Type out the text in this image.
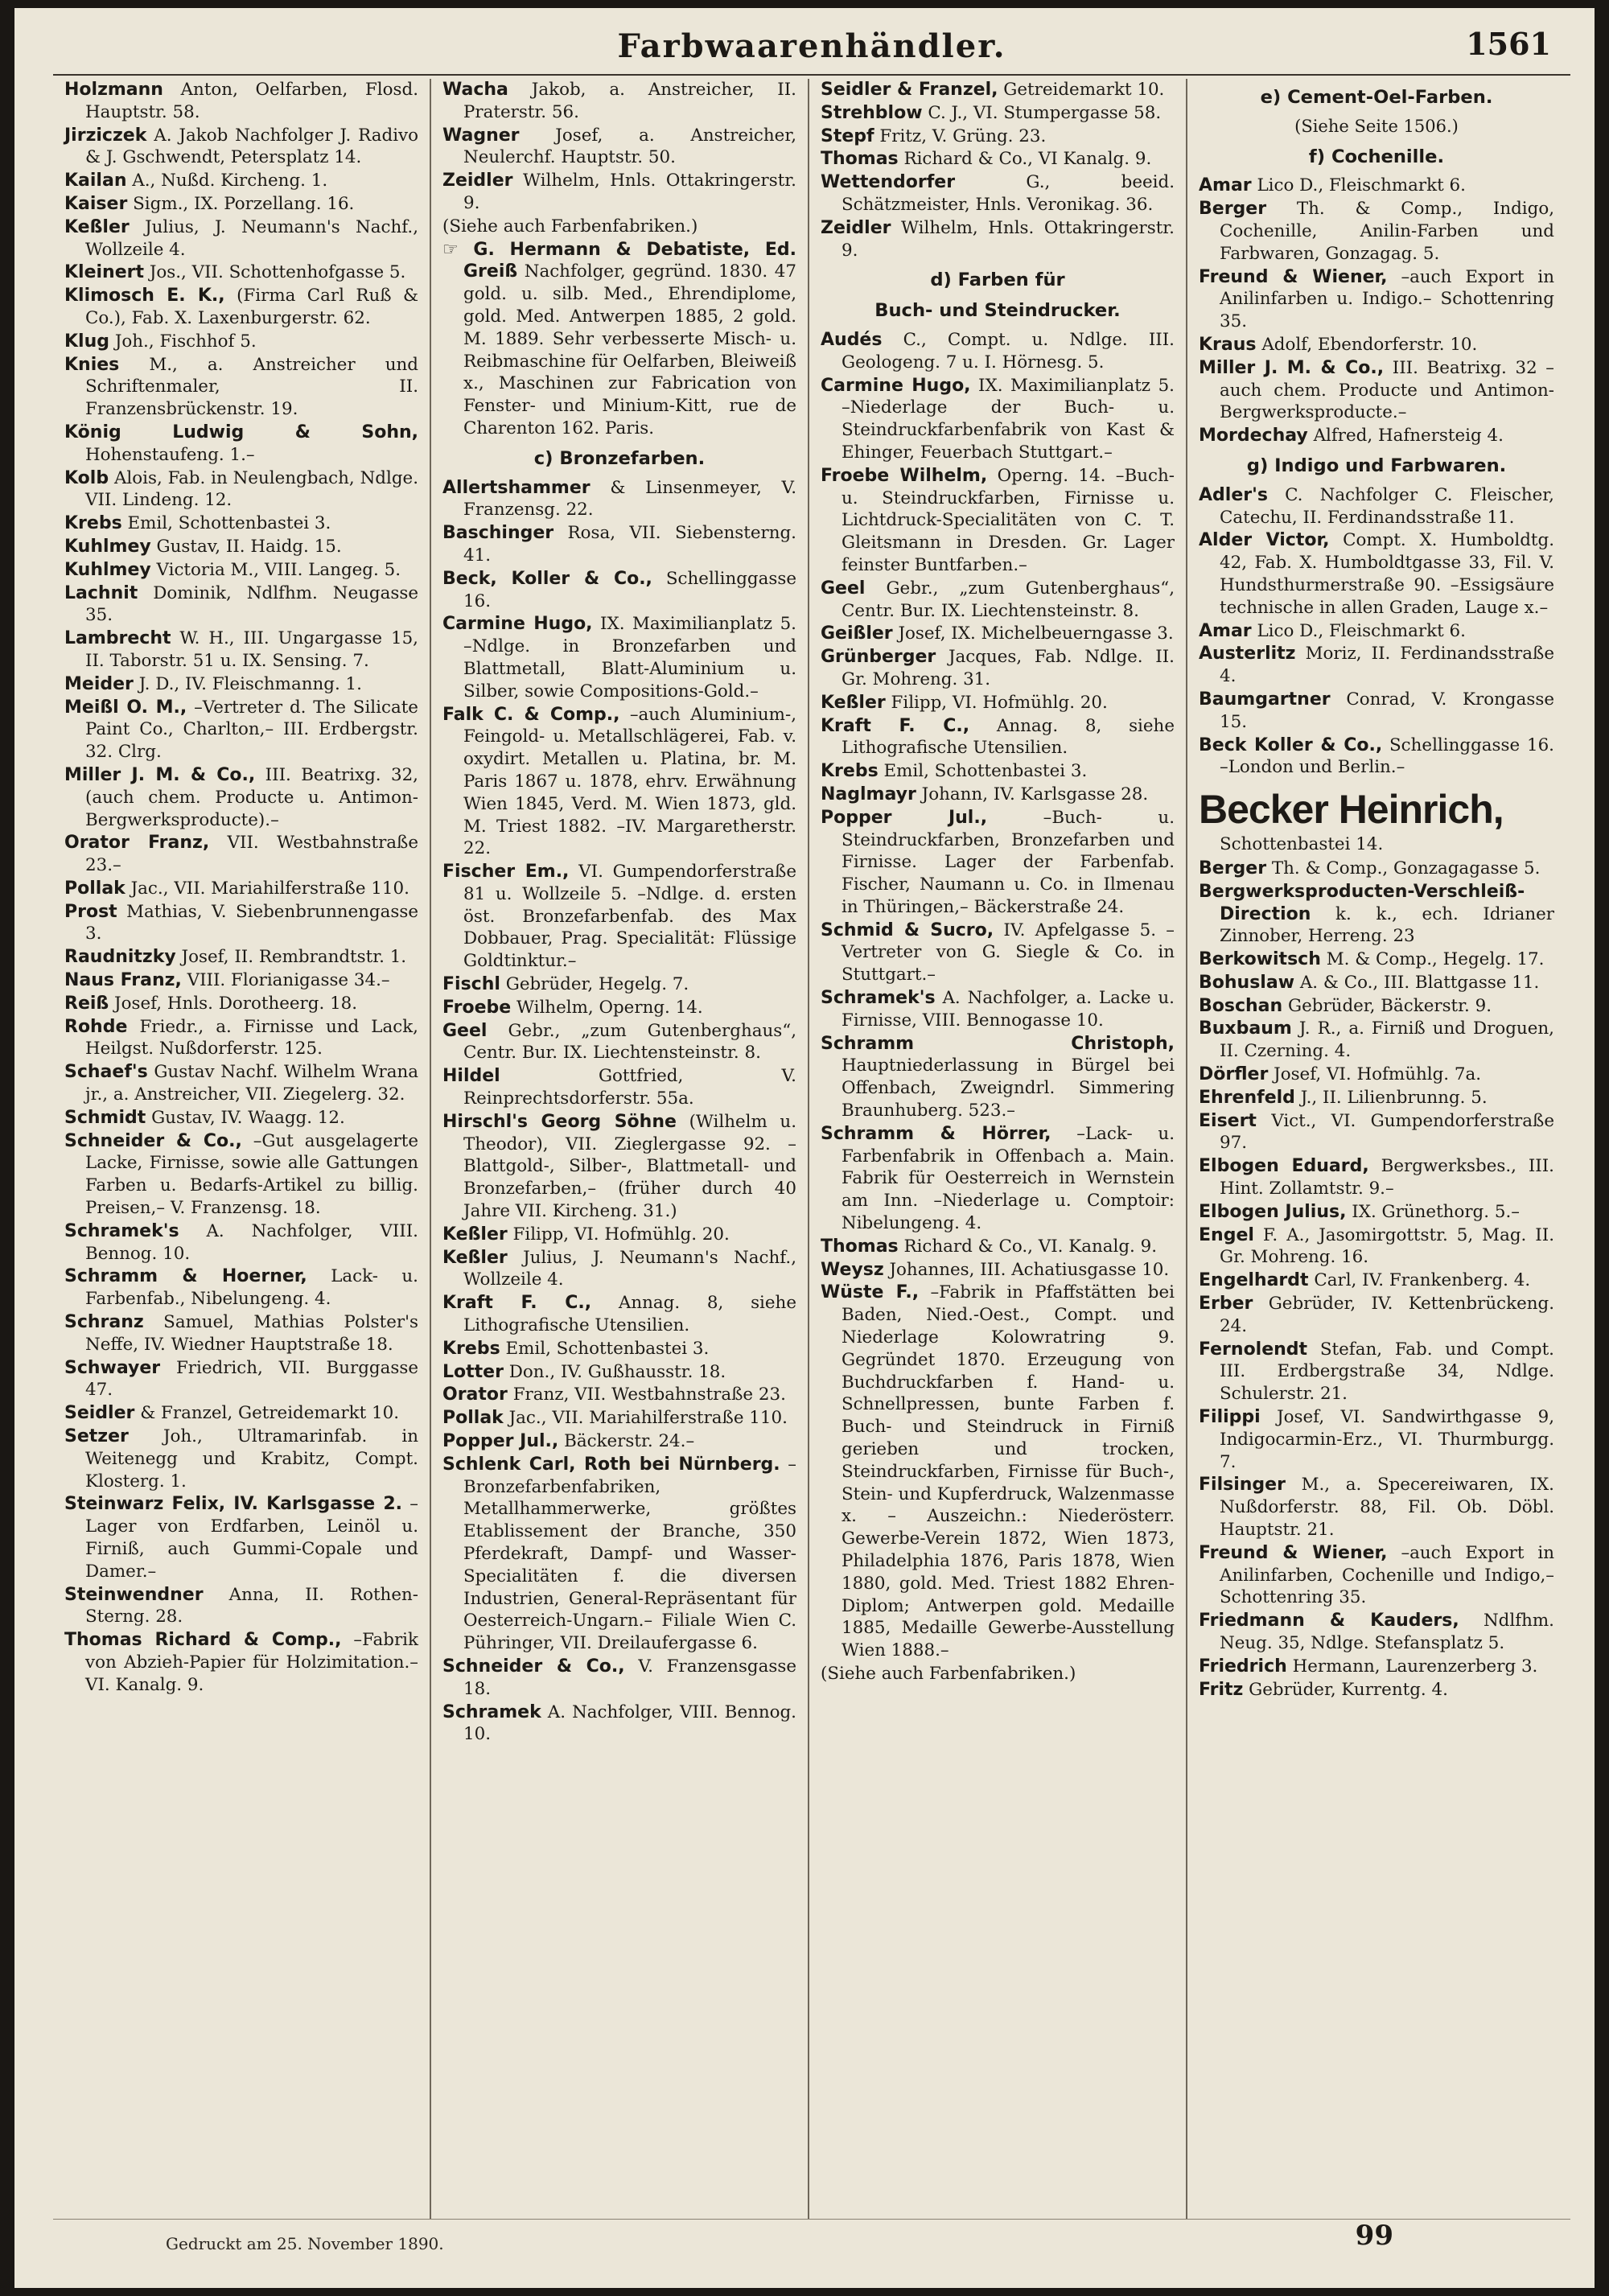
Farbwaarenhändler.	1561

Holzmann Anton, Oelfarben, Flosd. Hauptstr. 58.

Jirziczek A. Jakob Nachfolger J. Radivo & J. Gschwendt, Petersplatz 14.

Kailan A., Nußd. Kircheng. 1.

Kaiser Sigm., IX. Porzellang. 16.

Keßler Julius, J. Neumann's Nachf., Wollzeile 4.

Kleinert Jos., VII. Schottenhofgasse 5.

Klimosch E. K., (Firma Carl Ruß & Co.), Fab. X. Laxenburgerstr. 62.

Klug Joh., Fischhof 5.

Knies M., a. Anstreicher und Schriftenmaler, II. Franzensbrückenstr. 19.

König Ludwig & Sohn, Hohenstaufeng. 1.–

Kolb Alois, Fab. in Neulengbach, Ndlge. VII. Lindeng. 12.

Krebs Emil, Schottenbastei 3.

Kuhlmey Gustav, II. Haidg. 15.

Kuhlmey Victoria M., VIII. Langeg. 5.

Lachnit Dominik, Ndlfhm. Neugasse 35.

Lambrecht W. H., III. Ungargasse 15, II. Taborstr. 51 u. IX. Sensing. 7.

Meider J. D., IV. Fleischmanng. 1.

Meißl O. M., –Vertreter d. The Silicate Paint Co., Charlton,– III. Erdbergstr. 32. Clrg.

Miller J. M. & Co., III. Beatrixg. 32, (auch chem. Producte u. Antimon-Bergwerksproducte).–

Orator Franz, VII. Westbahnstraße 23.–

Pollak Jac., VII. Mariahilferstraße 110.

Prost Mathias, V. Siebenbrunnengasse 3.

Raudnitzky Josef, II. Rembrandtstr. 1.

Naus Franz, VIII. Florianigasse 34.–

Reiß Josef, Hnls. Dorotheerg. 18.

Rohde Friedr., a. Firnisse und Lack, Heilgst. Nußdorferstr. 125.

Schaef's Gustav Nachf. Wilhelm Wrana jr., a. Anstreicher, VII. Ziegelerg. 32.

Schmidt Gustav, IV. Waagg. 12.

Schneider & Co., –Gut ausgelagerte Lacke, Firnisse, sowie alle Gattungen Farben u. Bedarfs-Artikel zu billig. Preisen,– V. Franzensg. 18.

Schramek's A. Nachfolger, VIII. Bennog. 10.

Schramm & Hoerner, Lack- u. Farbenfab., Nibelungeng. 4.

Schranz Samuel, Mathias Polster's Neffe, IV. Wiedner Hauptstraße 18.

Schwayer Friedrich, VII. Burggasse 47.

Seidler & Franzel, Getreidemarkt 10.

Setzer Joh., Ultramarinfab. in Weitenegg und Krabitz, Compt. Klosterg. 1.

Steinwarz Felix, IV. Karlsgasse 2. –Lager von Erdfarben, Leinöl u. Firniß, auch Gummi-Copale und Damer.–

Steinwendner Anna, II. Rothen-Sterng. 28.

Thomas Richard & Comp., –Fabrik von Abzieh-Papier für Holzimitation.– VI. Kanalg. 9.

Wacha Jakob, a. Anstreicher, II. Praterstr. 56.

Wagner Josef, a. Anstreicher, Neulerchf. Hauptstr. 50.

Zeidler Wilhelm, Hnls. Ottakringerstr. 9.

(Siehe auch Farbenfabriken.)

☞ G. Hermann & Debatiste, Ed. Greiß Nachfolger, gegründ. 1830. 47 gold. u. silb. Med., Ehrendiplome, gold. Med. Antwerpen 1885, 2 gold. M. 1889. Sehr verbesserte Misch- u. Reibmaschine für Oelfarben, Bleiweiß x., Maschinen zur Fabrication von Fenster- und Minium-Kitt, rue de Charenton 162. Paris.

c) Bronzefarben.

Allertshammer & Linsenmeyer, V. Franzensg. 22.

Baschinger Rosa, VII. Siebensterng. 41.

Beck, Koller & Co., Schellinggasse 16.

Carmine Hugo, IX. Maximilianplatz 5. –Ndlge. in Bronzefarben und Blattmetall, Blatt-Aluminium u. Silber, sowie Compositions-Gold.–

Falk C. & Comp., –auch Aluminium-, Feingold- u. Metallschlägerei, Fab. v. oxydirt. Metallen u. Platina, br. M. Paris 1867 u. 1878, ehrv. Erwähnung Wien 1845, Verd. M. Wien 1873, gld. M. Triest 1882. –IV. Margaretherstr. 22.

Fischer Em., VI. Gumpendorferstraße 81 u. Wollzeile 5. –Ndlge. d. ersten öst. Bronzefarbenfab. des Max Dobbauer, Prag. Specialität: Flüssige Goldtinktur.–

Fischl Gebrüder, Hegelg. 7.

Froebe Wilhelm, Operng. 14.

Geel Gebr., „zum Gutenberghaus“, Centr. Bur. IX. Liechtensteinstr. 8.

Hildel	Gottfried, V. Reinprechtsdorferstr. 55a.

Hirschl's Georg Söhne (Wilhelm u. Theodor), VII. Zieglergasse 92. –Blattgold-, Silber-, Blattmetall- und Bronzefarben,– (früher durch 40 Jahre VII. Kircheng. 31.)

Keßler Filipp, VI. Hofmühlg. 20.

Keßler Julius, J. Neumann's Nachf., Wollzeile 4.

Kraft F. C., Annag. 8, siehe Lithografische Utensilien.

Krebs Emil, Schottenbastei 3.

Lotter Don., IV. Gußhausstr. 18.

Orator Franz, VII. Westbahnstraße 23.

Pollak Jac., VII. Mariahilferstraße 110.

Popper Jul., Bäckerstr. 24.–

Schlenk Carl, Roth bei Nürnberg. –Bronzefarbenfabriken, Metallhammerwerke, größtes Etablissement der Branche, 350 Pferdekraft, Dampf- und Wasser-Specialitäten f. die diversen Industrien, General-Repräsentant für Oesterreich-Ungarn.– Filiale Wien C. Pühringer, VII. Dreilaufergasse 6.

Schneider & Co., V. Franzensgasse 18.

Schramek A. Nachfolger, VIII. Bennog. 10.

Seidler & Franzel, Getreidemarkt 10.

Strehblow C. J., VI. Stumpergasse 58.

Stepf Fritz, V. Grüng. 23.

Thomas Richard & Co., VI Kanalg. 9.

Wettendorfer	G., beeid. Schätzmeister, Hnls. Veronikag. 36.

Zeidler Wilhelm, Hnls. Ottakringerstr. 9.

d) Farben für
Buch- und Steindrucker.

Audés C., Compt. u. Ndlge. III. Geologeng. 7 u. I. Hörnesg. 5.

Carmine Hugo, IX. Maximilianplatz 5. –Niederlage der Buch- u. Steindruckfarbenfabrik von Kast & Ehinger, Feuerbach Stuttgart.–

Froebe Wilhelm, Operng. 14. –Buch- u. Steindruckfarben, Firnisse u. Lichtdruck-Specialitäten von C. T. Gleitsmann in Dresden. Gr. Lager feinster Buntfarben.–

Geel Gebr., „zum Gutenberghaus“, Centr. Bur. IX. Liechtensteinstr. 8.

Geißler Josef, IX. Michelbeuerngasse 3.

Grünberger Jacques, Fab. Ndlge. II. Gr. Mohreng. 31.

Keßler Filipp, VI. Hofmühlg. 20.

Kraft F. C., Annag. 8, siehe Lithografische Utensilien.

Krebs Emil, Schottenbastei 3.

Naglmayr Johann, IV. Karlsgasse 28.

Popper Jul.,	–Buch- u. Steindruckfarben, Bronzefarben und Firnisse. Lager der Farbenfab. Fischer, Naumann u. Co. in Ilmenau in Thüringen,– Bäckerstraße 24.

Schmid & Sucro, IV. Apfelgasse 5. –Vertreter von G. Siegle & Co. in Stuttgart.–

Schramek's A. Nachfolger, a. Lacke u. Firnisse, VIII. Bennogasse 10.

Schramm Christoph, Hauptniederlassung in Bürgel bei Offenbach, Zweigndrl. Simmering Braunhuberg. 523.–

Schramm & Hörrer, –Lack- u. Farbenfabrik in Offenbach a. Main. Fabrik für Oesterreich in Wernstein am Inn. –Niederlage u. Comptoir: Nibelungeng. 4.

Thomas Richard & Co., VI. Kanalg. 9.

Weysz Johannes, III. Achatiusgasse 10.

Wüste F., –Fabrik in Pfaffstätten bei Baden, Nied.-Oest., Compt. und Niederlage Kolowratring 9. Gegründet 1870. Erzeugung von Buchdruckfarben f. Hand- u. Schnellpressen, bunte Farben f. Buch- und Steindruck in Firniß gerieben und trocken, Steindruckfarben, Firnisse für Buch-, Stein- und Kupferdruck, Walzenmasse x. – Auszeichn.: Niederösterr. Gewerbe-Verein 1872, Wien 1873, Philadelphia 1876, Paris 1878, Wien 1880, gold. Med. Triest 1882 Ehren-Diplom; Antwerpen gold. Medaille 1885, Medaille Gewerbe-Ausstellung Wien 1888.–

(Siehe auch Farbenfabriken.)

e) Cement-Oel-Farben.
(Siehe Seite 1506.)
f) Cochenille.

Amar Lico D., Fleischmarkt 6.

Berger Th. & Comp., Indigo, Cochenille, Anilin-Farben und Farbwaren, Gonzagag. 5.

Freund & Wiener, –auch Export in Anilinfarben u. Indigo.– Schottenring 35.

Kraus Adolf, Ebendorferstr. 10.

Miller J. M. & Co., III. Beatrixg. 32 –auch chem. Producte und Antimon-Bergwerksproducte.–

Mordechay Alfred, Hafnersteig 4.

g) Indigo und Farbwaren.

Adler's C. Nachfolger C. Fleischer, Catechu, II. Ferdinandsstraße 11.

Alder Victor, Compt. X. Humboldtg. 42, Fab. X. Humboldtgasse 33, Fil. V. Hundsthurmerstraße 90. –Essigsäure technische in allen Graden, Lauge x.–

Amar Lico D., Fleischmarkt 6.

Austerlitz Moriz, II. Ferdinandsstraße 4.

Baumgartner Conrad, V. Krongasse 15.

Beck Koller & Co., Schellinggasse 16. –London und Berlin.–

Becker Heinrich,
Schottenbastei 14.

Berger Th. & Comp., Gonzagagasse 5.

Bergwerksproducten-Verschleiß-Direction k. k., ech. Idrianer Zinnober, Herreng. 23

Berkowitsch M. & Comp., Hegelg. 17.

Bohuslaw A. & Co., III. Blattgasse 11.

Boschan Gebrüder, Bäckerstr. 9.

Buxbaum J. R., a. Firniß und Droguen, II. Czerning. 4.

Dörfler Josef, VI. Hofmühlg. 7a.

Ehrenfeld J., II. Lilienbrunng. 5.

Eisert Vict., VI. Gumpendorferstraße 97.

Elbogen Eduard, Bergwerksbes., III. Hint. Zollamtstr. 9.–

Elbogen Julius, IX. Grünethorg. 5.–

Engel F. A., Jasomirgottstr. 5, Mag. II. Gr. Mohreng. 16.

Engelhardt Carl, IV. Frankenberg. 4.

Erber Gebrüder, IV. Kettenbrückeng. 24.

Fernolendt Stefan, Fab. und Compt. III. Erdbergstraße 34, Ndlge. Schulerstr. 21.

Filippi Josef, VI. Sandwirthgasse 9, Indigocarmin-Erz., VI. Thurmburgg. 7.

Filsinger M., a. Specereiwaren, IX. Nußdorferstr. 88, Fil. Ob. Döbl. Hauptstr. 21.

Freund & Wiener, –auch Export in Anilinfarben, Cochenille und Indigo,– Schottenring 35.

Friedmann & Kauders, Ndlfhm. Neug. 35, Ndlge. Stefansplatz 5.

Friedrich Hermann, Laurenzerberg 3.

Fritz Gebrüder, Kurrentg. 4.

Gedruckt am 25. November 1890.	99
